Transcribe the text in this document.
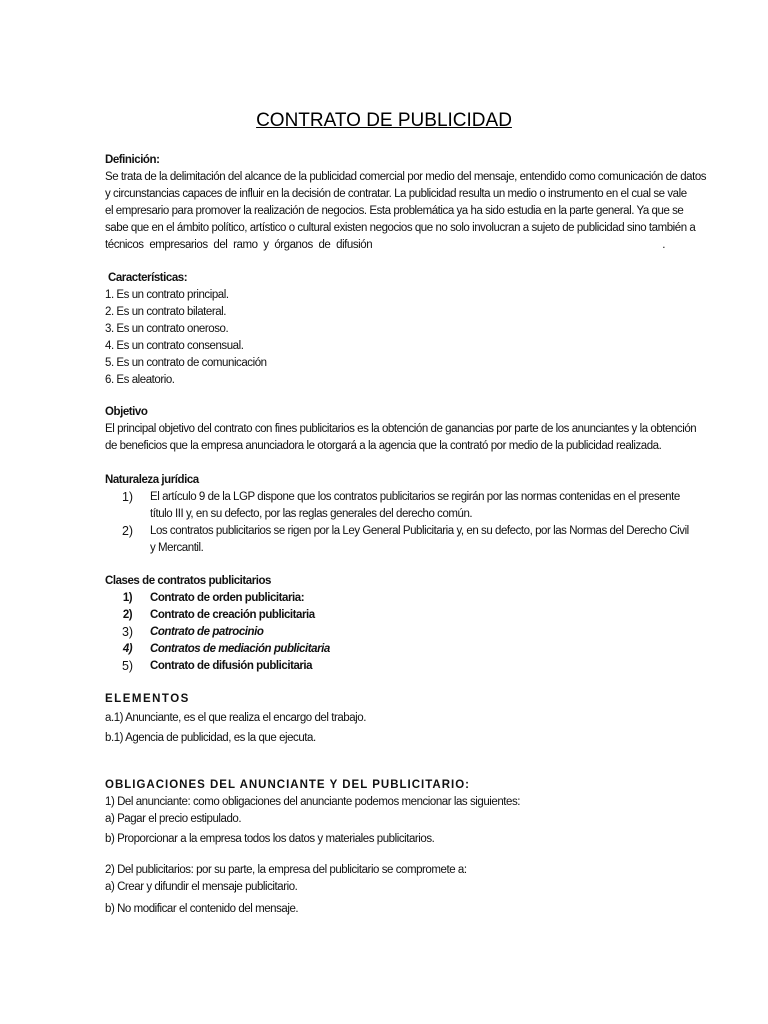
CONTRATO DE PUBLICIDAD
Definición:
Se trata de la delimitación del alcance de la publicidad comercial por medio del mensaje, entendido como comunicación de datos
y circunstancias capaces de influir en la decisión de contratar. La publicidad resulta un medio o instrumento en el cual se vale
el empresario para promover la realización de negocios. Esta problemática ya ha sido estudia en la parte general. Ya que se
sabe que en el ámbito político, artístico o cultural existen negocios que no solo involucran a sujeto de publicidad sino también a
técnicos empresarios del ramo y órganos de difusión	.
Características:
1. Es un contrato principal.
2. Es un contrato bilateral.
3. Es un contrato oneroso.
4. Es un contrato consensual.
5. Es un contrato de comunicación
6. Es aleatorio.
Objetivo
El principal objetivo del contrato con fines publicitarios es la obtención de ganancias por parte de los anunciantes y la obtención
de beneficios que la empresa anunciadora le otorgará a la agencia que la contrató por medio de la publicidad realizada.
Naturaleza jurídica
1)	El artículo 9 de la LGP dispone que los contratos publicitarios se regirán por las normas contenidas en el presente
título III y, en su defecto, por las reglas generales del derecho común.
2)	Los contratos publicitarios se rigen por la Ley General Publicitaria y, en su defecto, por las Normas del Derecho Civil
y Mercantil.
Clases de contratos publicitarios
1)	Contrato de orden publicitaria:
2)	Contrato de creación publicitaria
3)	Contrato de patrocinio
4)	Contratos de mediación publicitaria
5)	Contrato de difusión publicitaria
ELEMENTOS
a.1) Anunciante, es el que realiza el encargo del trabajo.
b.1) Agencia de publicidad, es la que ejecuta.
OBLIGACIONES DEL ANUNCIANTE Y DEL PUBLICITARIO:
1) Del anunciante: como obligaciones del anunciante podemos mencionar las siguientes:
a) Pagar el precio estipulado.
b) Proporcionar a la empresa todos los datos y materiales publicitarios.
2) Del publicitarios: por su parte, la empresa del publicitario se compromete a:
a) Crear y difundir el mensaje publicitario.
b) No modificar el contenido del mensaje.
